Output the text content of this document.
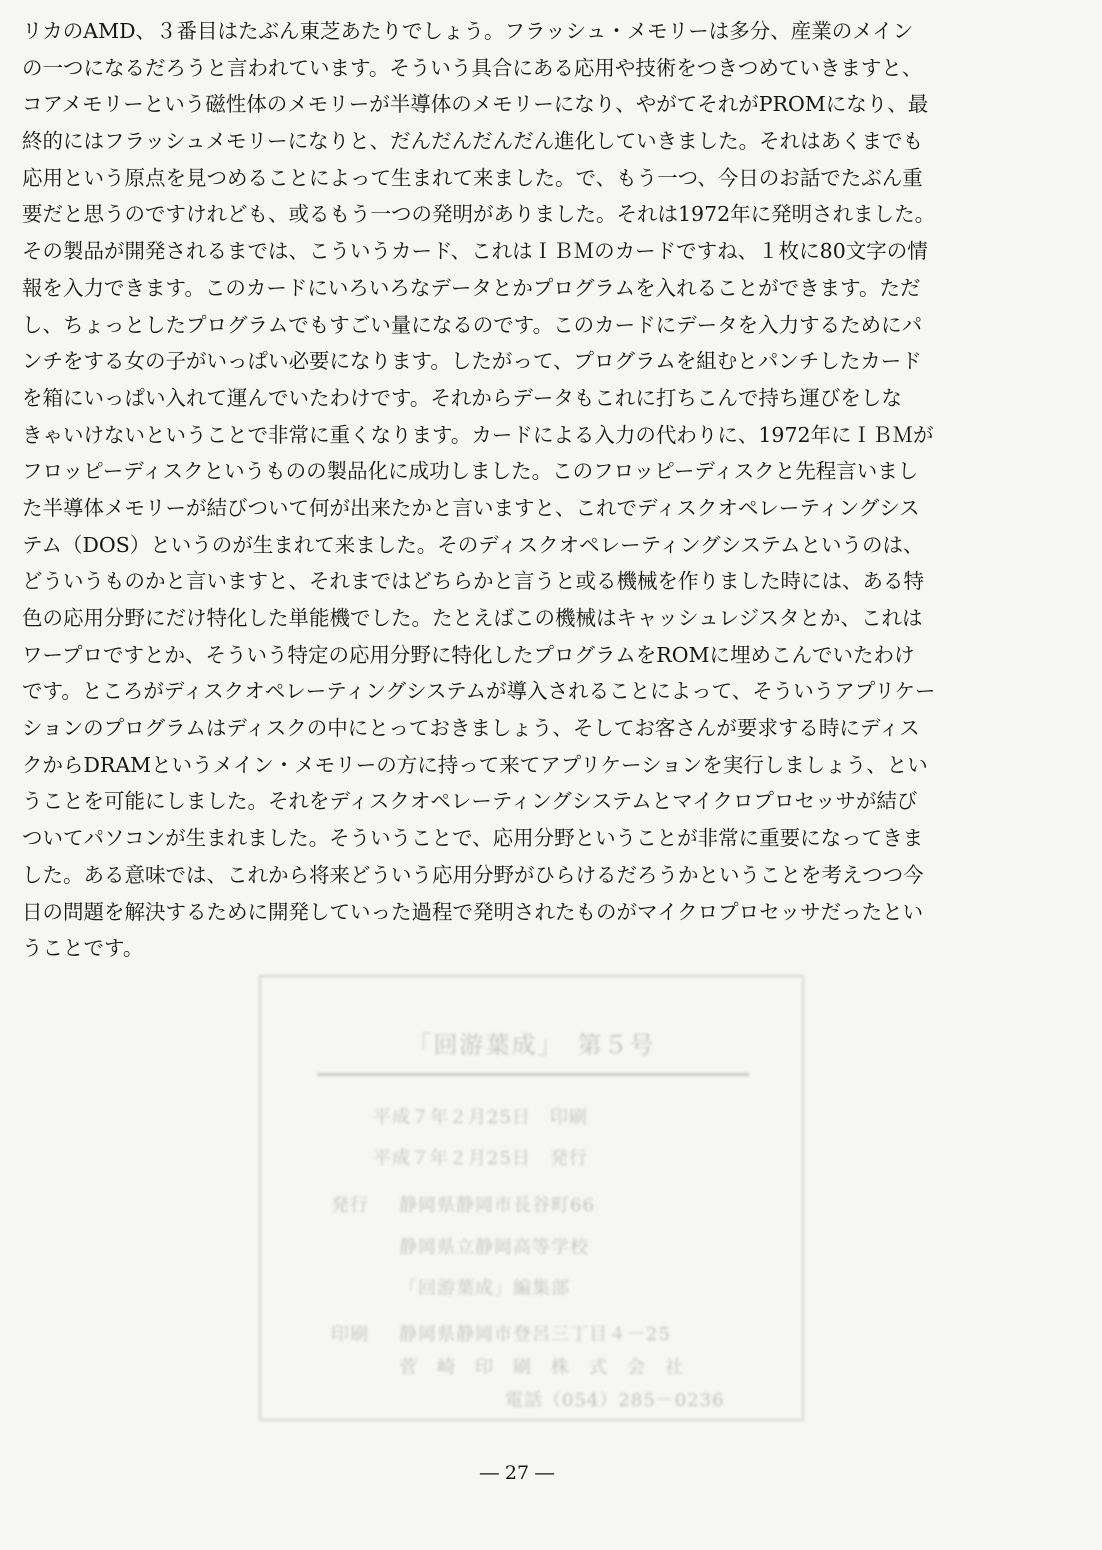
リカのAMD、３番目はたぶん東芝あたりでしょう。フラッシュ・メモリーは多分、産業のメイン
の一つになるだろうと言われています。そういう具合にある応用や技術をつきつめていきますと、
コアメモリーという磁性体のメモリーが半導体のメモリーになり、やがてそれがPROMになり、最
終的にはフラッシュメモリーになりと、だんだんだんだん進化していきました。それはあくまでも
応用という原点を見つめることによって生まれて来ました。で、もう一つ、今日のお話でたぶん重
要だと思うのですけれども、或るもう一つの発明がありました。それは1972年に発明されました。
その製品が開発されるまでは、こういうカード、これはＩＢＭのカードですね、１枚に80文字の情
報を入力できます。このカードにいろいろなデータとかプログラムを入れることができます。ただ
し、ちょっとしたプログラムでもすごい量になるのです。このカードにデータを入力するためにパ
ンチをする女の子がいっぱい必要になります。したがって、プログラムを組むとパンチしたカード
を箱にいっぱい入れて運んでいたわけです。それからデータもこれに打ちこんで持ち運びをしな
きゃいけないということで非常に重くなります。カードによる入力の代わりに、1972年にＩＢＭが
フロッピーディスクというものの製品化に成功しました。このフロッピーディスクと先程言いまし
た半導体メモリーが結びついて何が出来たかと言いますと、これでディスクオペレーティングシス
テム（DOS）というのが生まれて来ました。そのディスクオペレーティングシステムというのは、
どういうものかと言いますと、それまではどちらかと言うと或る機械を作りました時には、ある特
色の応用分野にだけ特化した単能機でした。たとえばこの機械はキャッシュレジスタとか、これは
ワープロですとか、そういう特定の応用分野に特化したプログラムをROMに埋めこんでいたわけ
です。ところがディスクオペレーティングシステムが導入されることによって、そういうアプリケー
ションのプログラムはディスクの中にとっておきましょう、そしてお客さんが要求する時にディス
クからDRAMというメイン・メモリーの方に持って来てアプリケーションを実行しましょう、とい
うことを可能にしました。それをディスクオペレーティングシステムとマイクロプロセッサが結び
ついてパソコンが生まれました。そういうことで、応用分野ということが非常に重要になってきま
した。ある意味では、これから将来どういう応用分野がひらけるだろうかということを考えつつ今
日の問題を解決するために開発していった過程で発明されたものがマイクロプロセッサだったとい
うことです。
「回游葉成」　第５号
平成７年２月25日　印刷
平成７年２月25日　発行
発行 静岡県静岡市長谷町66
静岡県立静岡高等学校
「回游葉成」編集部
印刷 静岡県静岡市登呂三丁目４－25
菅　崎　印　刷　株　式　会　社
電話（054）285－0236
― 27 ―
